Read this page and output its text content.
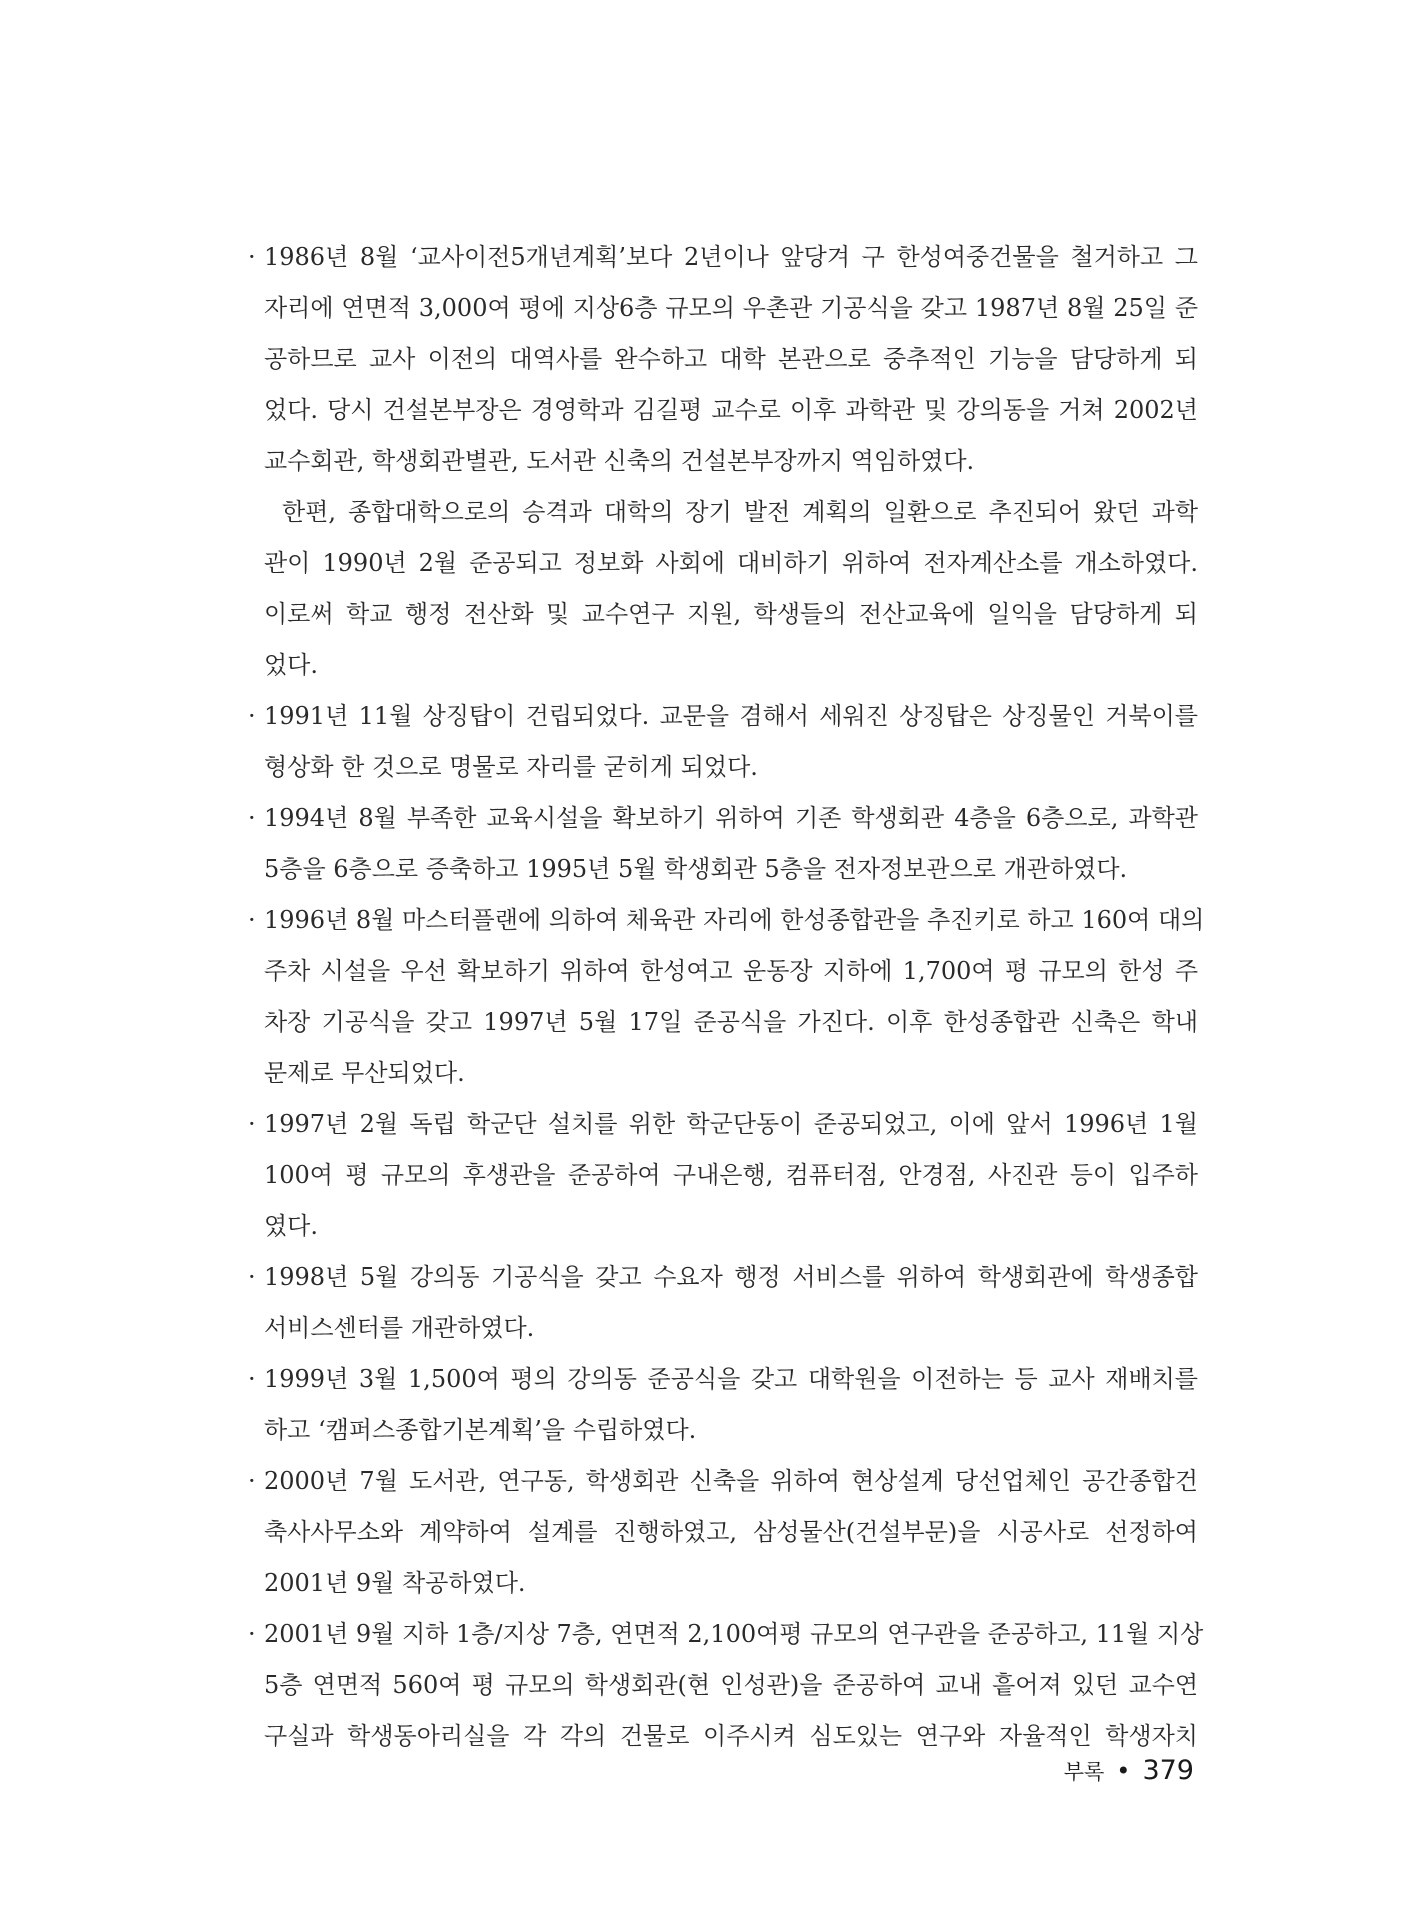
· 1986년 8월 ‘교사이전5개년계획’보다 2년이나 앞당겨 구 한성여중건물을 철거하고 그
자리에 연면적 3,000여 평에 지상6층 규모의 우촌관 기공식을 갖고 1987년 8월 25일 준
공하므로 교사 이전의 대역사를 완수하고 대학 본관으로 중추적인 기능을 담당하게 되
었다. 당시 건설본부장은 경영학과 김길평 교수로 이후 과학관 및 강의동을 거쳐 2002년
교수회관, 학생회관별관, 도서관 신축의 건설본부장까지 역임하였다.
한편, 종합대학으로의 승격과 대학의 장기 발전 계획의 일환으로 추진되어 왔던 과학
관이 1990년 2월 준공되고 정보화 사회에 대비하기 위하여 전자계산소를 개소하였다.
이로써 학교 행정 전산화 및 교수연구 지원, 학생들의 전산교육에 일익을 담당하게 되
었다.
· 1991년 11월 상징탑이 건립되었다. 교문을 겸해서 세워진 상징탑은 상징물인 거북이를
형상화 한 것으로 명물로 자리를 굳히게 되었다.
· 1994년 8월 부족한 교육시설을 확보하기 위하여 기존 학생회관 4층을 6층으로, 과학관
5층을 6층으로 증축하고 1995년 5월 학생회관 5층을 전자정보관으로 개관하였다.
· 1996년 8월 마스터플랜에 의하여 체육관 자리에 한성종합관을 추진키로 하고 160여 대의
주차 시설을 우선 확보하기 위하여 한성여고 운동장 지하에 1,700여 평 규모의 한성 주
차장 기공식을 갖고 1997년 5월 17일 준공식을 가진다. 이후 한성종합관 신축은 학내
문제로 무산되었다.
· 1997년 2월 독립 학군단 설치를 위한 학군단동이 준공되었고, 이에 앞서 1996년 1월
100여 평 규모의 후생관을 준공하여 구내은행, 컴퓨터점, 안경점, 사진관 등이 입주하
였다.
· 1998년 5월 강의동 기공식을 갖고 수요자 행정 서비스를 위하여 학생회관에 학생종합
서비스센터를 개관하였다.
· 1999년 3월 1,500여 평의 강의동 준공식을 갖고 대학원을 이전하는 등 교사 재배치를
하고 ‘캠퍼스종합기본계획’을 수립하였다.
· 2000년 7월 도서관, 연구동, 학생회관 신축을 위하여 현상설계 당선업체인 공간종합건
축사사무소와 계약하여 설계를 진행하였고, 삼성물산(건설부문)을 시공사로 선정하여
2001년 9월 착공하였다.
· 2001년 9월 지하 1층/지상 7층, 연면적 2,100여평 규모의 연구관을 준공하고, 11월 지상
5층 연면적 560여 평 규모의 학생회관(현 인성관)을 준공하여 교내 흩어져 있던 교수연
구실과 학생동아리실을 각 각의 건물로 이주시켜 심도있는 연구와 자율적인 학생자치
부록 • 379
